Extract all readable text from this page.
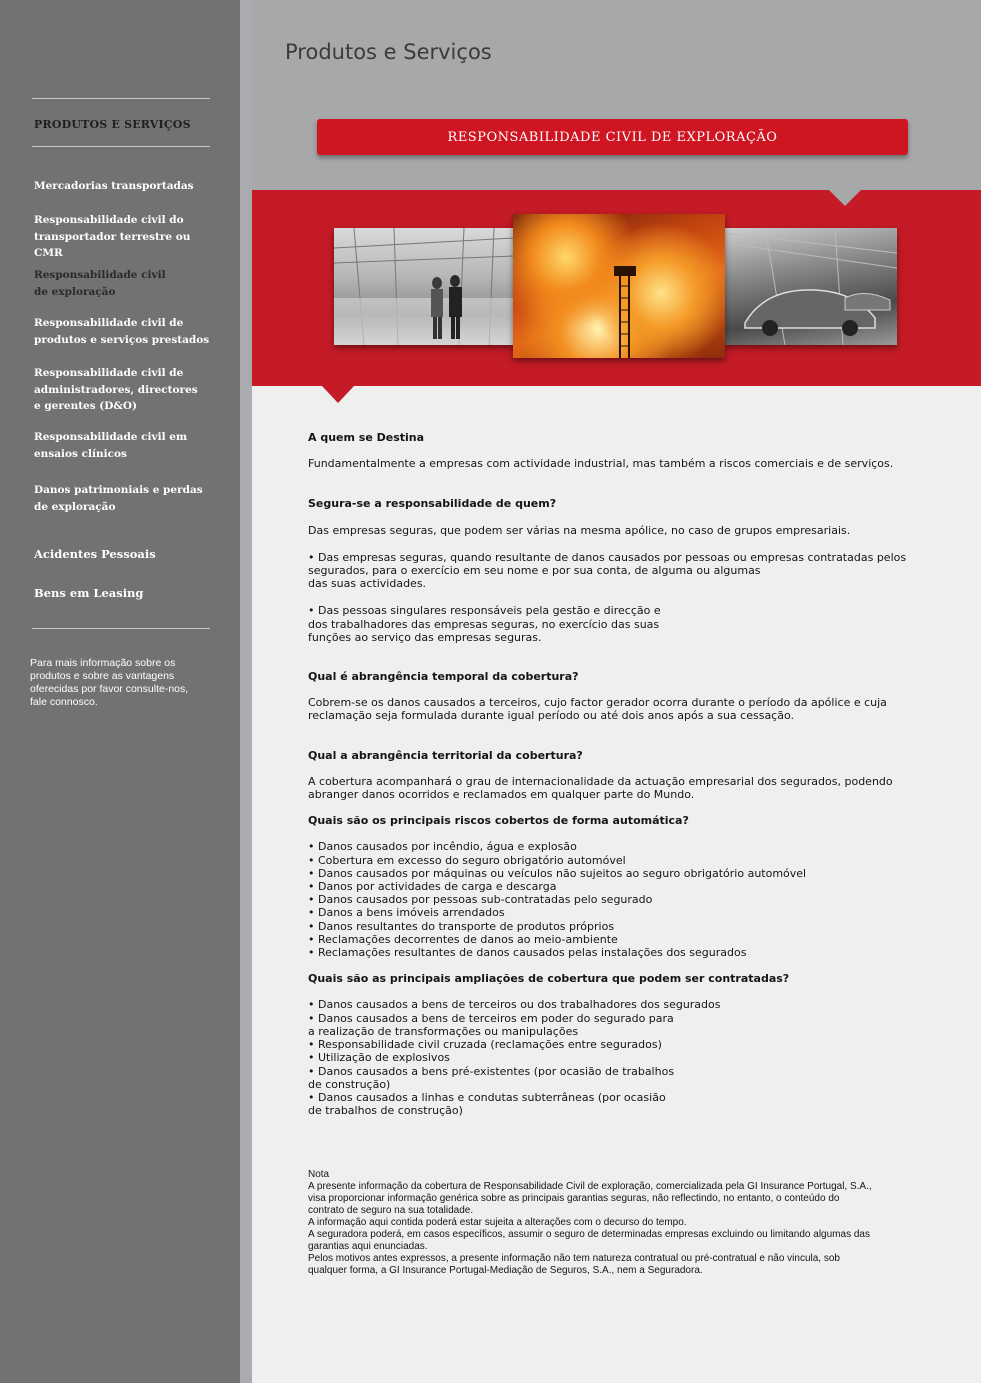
PRODUTOS E SERVIÇOS
Mercadorias transportadas
Responsabilidade civil do
transportador terrestre ou CMR
Responsabilidade civil
de exploração
Responsabilidade civil de
produtos e serviços prestados
Responsabilidade civil de
administradores, directores
e gerentes (D&O)
Responsabilidade civil em
ensaios clínicos
Danos patrimoniais e perdas
de exploração
Acidentes Pessoais
Bens em Leasing
Para mais informação sobre os
produtos e sobre as vantagens
oferecidas por favor consulte-nos,
fale connosco.
Produtos e Serviços
RESPONSABILIDADE CIVIL DE EXPLORAÇÃO

A quem se Destina

Fundamentalmente a empresas com actividade industrial, mas também a riscos comerciais e de serviços.

Segura-se a responsabilidade de quem?

Das empresas seguras, que podem ser várias na mesma apólice, no caso de grupos empresariais.

• Das empresas seguras, quando resultante de danos causados por pessoas ou empresas contratadas pelos
segurados, para o exercício em seu nome e por sua conta, de alguma ou algumas
das suas actividades.

• Das pessoas singulares responsáveis pela gestão e direcção e
dos trabalhadores das empresas seguras, no exercício das suas
funções ao serviço das empresas seguras.

Qual é abrangência temporal da cobertura?

Cobrem-se os danos causados a terceiros, cujo factor gerador ocorra durante o período da apólice e cuja
reclamação seja formulada durante igual período ou até dois anos após a sua cessação.

Qual a abrangência territorial da cobertura?

A cobertura acompanhará o grau de internacionalidade da actuação empresarial dos segurados, podendo
abranger danos ocorridos e reclamados em qualquer parte do Mundo.

Quais são os principais riscos cobertos de forma automática?

• Danos causados por incêndio, água e explosão
• Cobertura em excesso do seguro obrigatório automóvel
• Danos causados por máquinas ou veículos não sujeitos ao seguro obrigatório automóvel
• Danos por actividades de carga e descarga
• Danos causados por pessoas sub-contratadas pelo segurado
• Danos a bens imóveis arrendados
• Danos resultantes do transporte de produtos próprios
• Reclamações decorrentes de danos ao meio-ambiente
• Reclamações resultantes de danos causados pelas instalações dos segurados

Quais são as principais ampliações de cobertura que podem ser contratadas?

• Danos causados a bens de terceiros ou dos trabalhadores dos segurados
• Danos causados a bens de terceiros em poder do segurado para
a realização de transformações ou manipulações
• Responsabilidade civil cruzada (reclamações entre segurados)
• Utilização de explosivos
• Danos causados a bens pré-existentes (por ocasião de trabalhos
de construção)
• Danos causados a linhas e condutas subterrâneas (por ocasião
de trabalhos de construção)

Nota
A presente informação da cobertura de Responsabilidade Civil de exploração, comercializada pela GI Insurance Portugal, S.A.,
visa proporcionar informação genérica sobre as principais garantias seguras, não reflectindo, no entanto, o conteúdo do
contrato de seguro na sua totalidade.
A informação aqui contida poderá estar sujeita a alterações com o decurso do tempo.
A seguradora poderá, em casos específicos, assumir o seguro de determinadas empresas excluindo ou limitando algumas das
garantias aqui enunciadas.
Pelos motivos antes expressos, a presente informação não tem natureza contratual ou pré-contratual e não vincula, sob
qualquer forma, a GI Insurance Portugal-Mediação de Seguros, S.A., nem a Seguradora.
